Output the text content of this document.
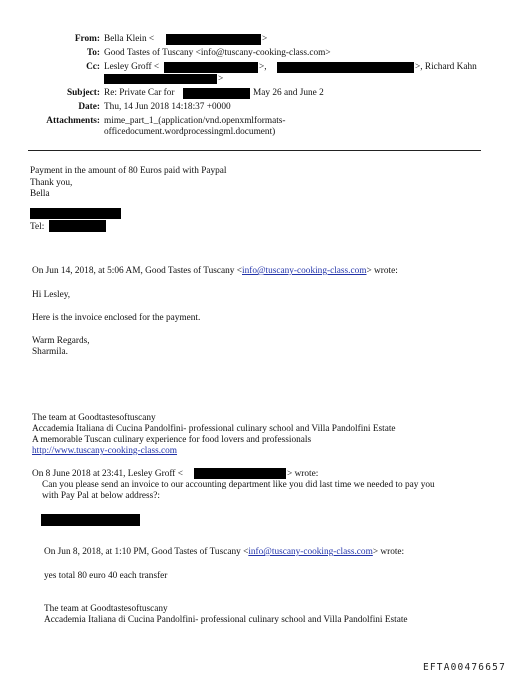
From: Bella Klein <	>
To: Good Tastes of Tuscany <info@tuscany-cooking-class.com>
Cc: Lesley Groff <	>,	>, Richard Kahn
>
Subject: Re: Private Car for	May 26 and June 2
Date: Thu, 14 Jun 2018 14:18:37 +0000
Attachments: mime_part_1_(application/vnd.openxmlformats-
officedocument.wordprocessingml.document)
Payment in the amount of 80 Euros paid with Paypal
Thank you,
Bella
Tel:
On Jun 14, 2018, at 5:06 AM, Good Tastes of Tuscany <info@tuscany-cooking-class.com> wrote:
Hi Lesley,
Here is the invoice enclosed for the payment.
Warm Regards,
Sharmila.
The team at Goodtastesoftuscany
Accademia Italiana di Cucina Pandolfini- professional culinary school and Villa Pandolfini Estate
A memorable Tuscan culinary experience for food lovers and professionals
http://www.tuscany-cooking-class.com
On 8 June 2018 at 23:41, Lesley Groff <	> wrote:
Can you please send an invoice to our accounting department like you did last time we needed to pay you
with Pay Pal at below address?:
On Jun 8, 2018, at 1:10 PM, Good Tastes of Tuscany <info@tuscany-cooking-class.com> wrote:
yes total 80 euro 40 each transfer
The team at Goodtastesoftuscany
Accademia Italiana di Cucina Pandolfini- professional culinary school and Villa Pandolfini Estate
EFTA00476657
